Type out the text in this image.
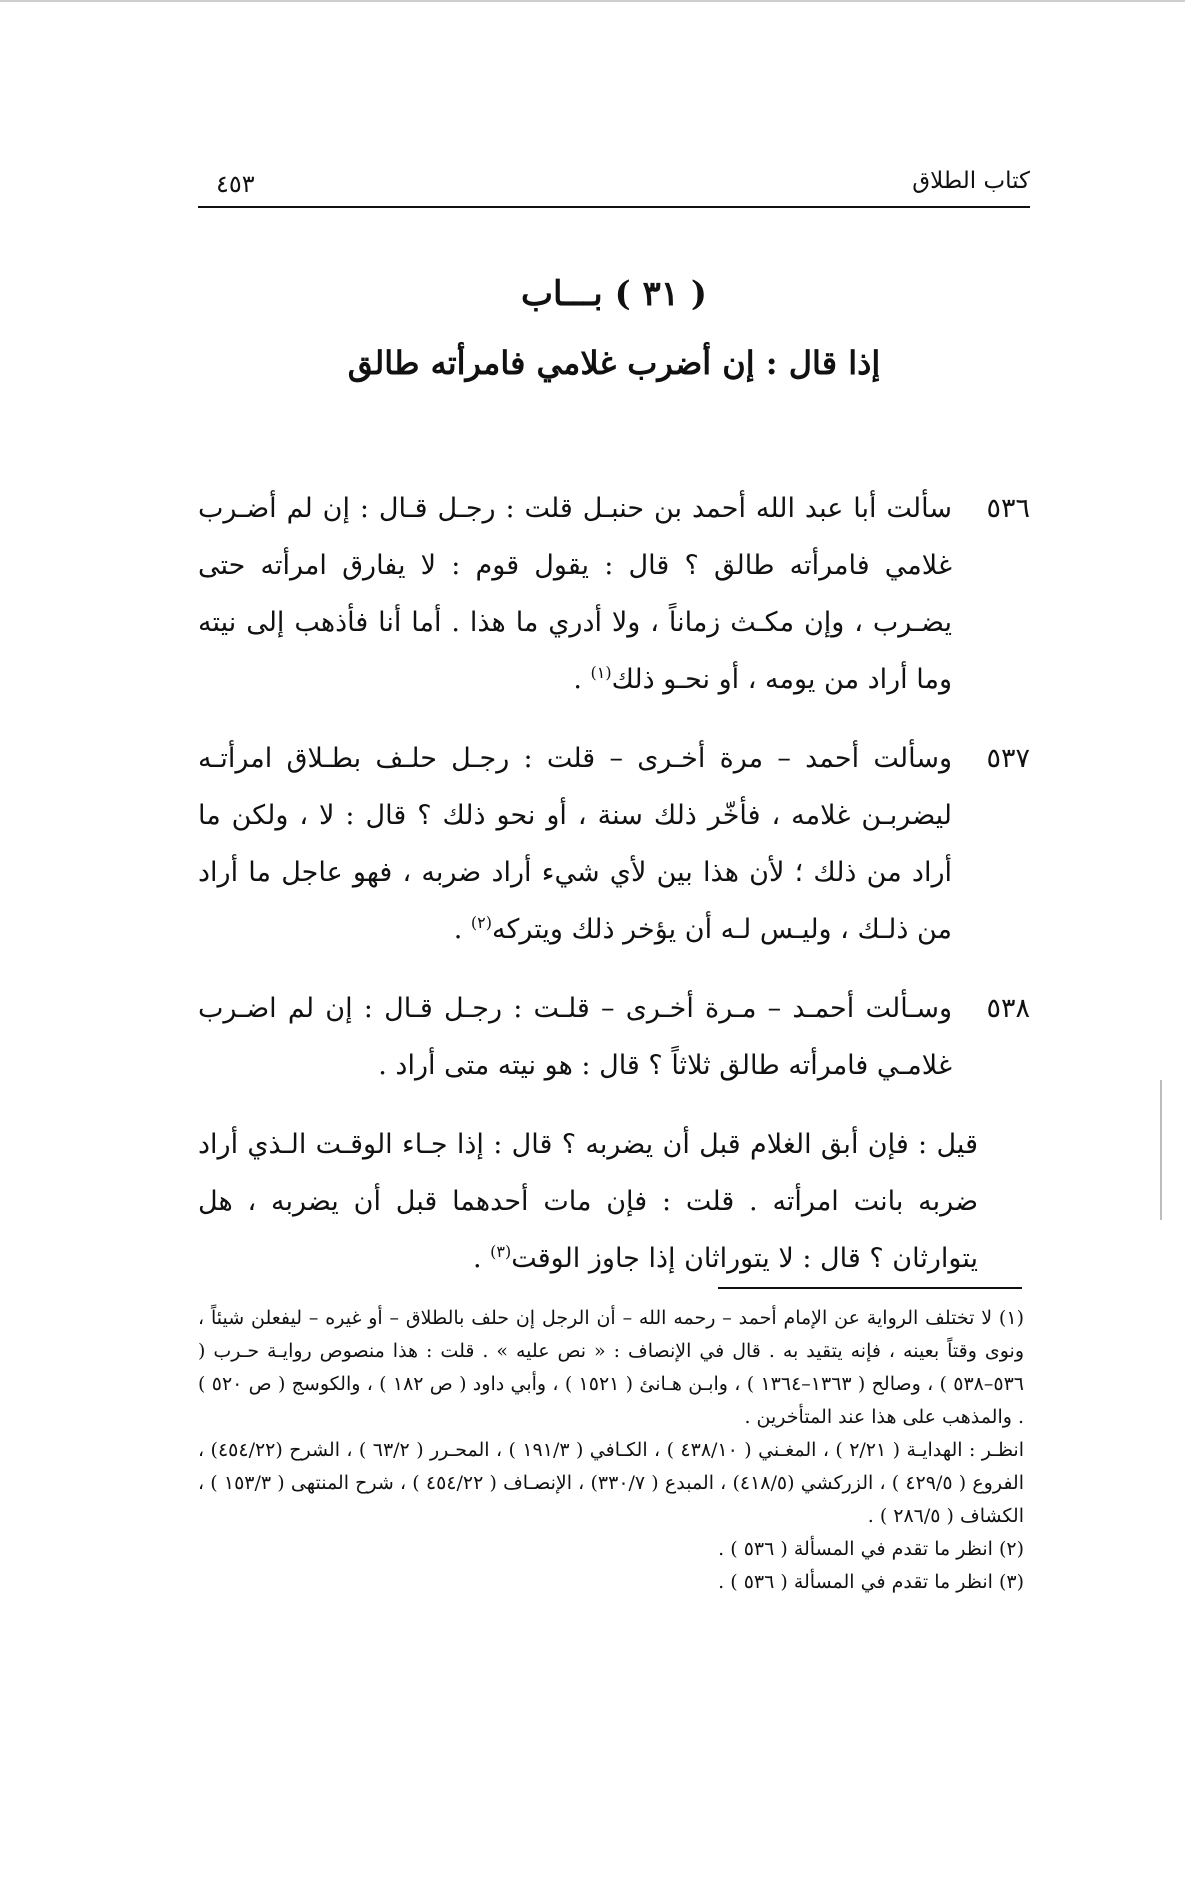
كتاب الطلاق
٤٥٣
( ٣١ ) بـــاب
إذا قال : إن أضرب غلامي فامرأته طالق

٥٣٦
سألت أبا عبد الله أحمد بن حنبـل قلت : رجـل قـال : إن لم أضـرب غلامي فامرأته طالق ؟ قال : يقول قوم : لا يفارق امرأته حتى يضـرب ، وإن مكـث زماناً ، ولا أدري ما هذا . أما أنا فأذهب إلى نيته وما أراد من يومه ، أو نحـو ذلك$^{(١)}$ .

٥٣٧
وسألت أحمد – مرة أخـرى – قلت : رجـل حلـف بطـلاق امرأتـه ليضربـن غلامه ، فأخّر ذلك سنة ، أو نحو ذلك ؟ قال : لا ، ولكن ما أراد من ذلك ؛ لأن هذا بين لأي شيء أراد ضربه ، فهو عاجل ما أراد من ذلـك ، وليـس لـه أن يؤخر ذلك ويتركه$^{(٢)}$ .

٥٣٨
وسـألت أحمـد – مـرة أخـرى – قلـت : رجـل قـال : إن لم اضـرب غلامـي فامرأته طالق ثلاثاً ؟ قال : هو نيته متى أراد .

قيل : فإن أبق الغلام قبل أن يضربه ؟ قال : إذا جـاء الوقـت الـذي أراد ضربه بانت امرأته . قلت : فإن مات أحدهما قبل أن يضربه ، هل يتوارثان ؟ قال : لا يتوراثان إذا جاوز الوقت$^{(٣)}$ .

(١) لا تختلف الرواية عن الإمام أحمد – رحمه الله – أن الرجل إن حلف بالطلاق – أو غيره – ليفعلن شيئاً ، ونوى وقتاً بعينه ، فإنه يتقيد به . قال في الإنصاف : « نص عليه » . قلت : هذا منصوص روايـة حـرب ( ٥٣٦–٥٣٨ ) ، وصالح ( ١٣٦٣–١٣٦٤ ) ، وابـن هـانئ ( ١٥٢١ ) ، وأبي داود ( ص ١٨٢ ) ، والكوسج ( ص ٥٢٠ ) . والمذهب على هذا عند المتأخرين .

انظـر : الهدايـة ( ٢/٢١ ) ، المغـني ( ٤٣٨/١٠ ) ، الكـافي ( ١٩١/٣ ) ، المحـرر ( ٦٣/٢ ) ، الشرح (٤٥٤/٢٢) ، الفروع ( ٤٢٩/٥ ) ، الزركشي (٤١٨/٥) ، المبدع ( ٣٣٠/٧) ، الإنصـاف ( ٤٥٤/٢٢ ) ، شرح المنتهى ( ١٥٣/٣ ) ، الكشاف ( ٢٨٦/٥ ) .

(٢) انظر ما تقدم في المسألة ( ٥٣٦ ) .

(٣) انظر ما تقدم في المسألة ( ٥٣٦ ) .
